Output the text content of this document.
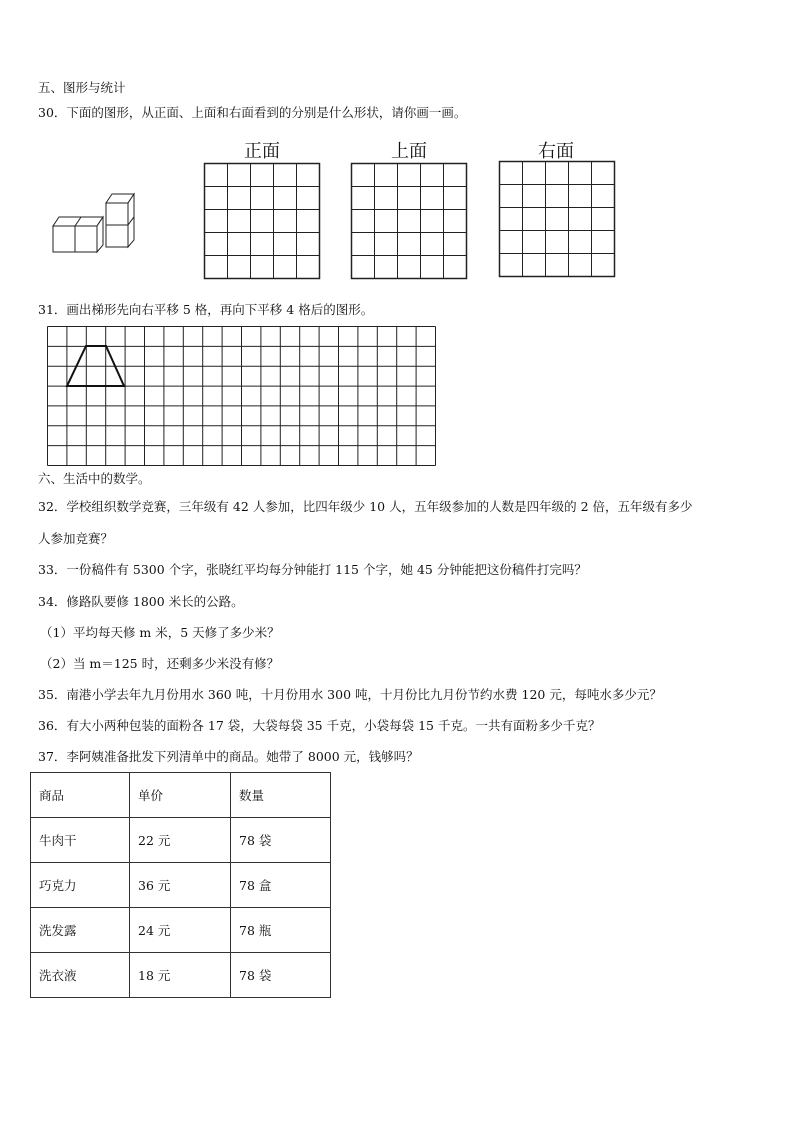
五、图形与统计
30．下面的图形，从正面、上面和右面看到的分别是什么形状，请你画一画。
正面	上面	右面
31．画出梯形先向右平移 5 格，再向下平移 4 格后的图形。
六、生活中的数学。
32．学校组织数学竞赛，三年级有 42 人参加，比四年级少 10 人，五年级参加的人数是四年级的 2 倍，五年级有多少
人参加竞赛？
33．一份稿件有 5300 个字，张晓红平均每分钟能打 115 个字，她 45 分钟能把这份稿件打完吗？
34．修路队要修 1800 米长的公路。
（1）平均每天修 m 米，5 天修了多少米？
（2）当 m＝125 时，还剩多少米没有修？
35．南港小学去年九月份用水 360 吨，十月份用水 300 吨，十月份比九月份节约水费 120 元，每吨水多少元？
36．有大小两种包装的面粉各 17 袋，大袋每袋 35 千克，小袋每袋 15 千克。一共有面粉多少千克？
37．李阿姨准备批发下列清单中的商品。她带了 8000 元，钱够吗？
商品	单价	数量
牛肉干	22 元	78 袋
巧克力	36 元	78 盒
洗发露	24 元	78 瓶
洗衣液	18 元	78 袋
